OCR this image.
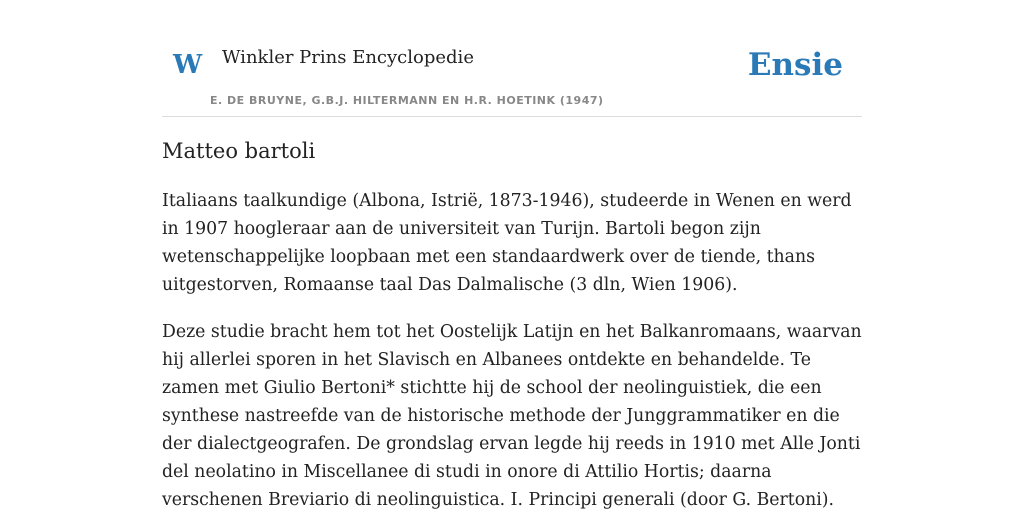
W Winkler Prins Encyclopedie
E. DE BRUYNE, G.B.J. HILTERMANN EN H.R. HOETINK (1947)
Ensie
Matteo bartoli

Italiaans taalkundige (Albona, Istrië, 1873-1946), studeerde in Wenen en werd in 1907 hoogleraar aan de universiteit van Turijn. Bartoli begon zijn wetenschappelijke loopbaan met een standaardwerk over de tiende, thans uitgestorven, Romaanse taal Das Dalmalische (3 dln, Wien 1906).

Deze studie bracht hem tot het Oostelijk Latijn en het Balkanromaans, waarvan hij allerlei sporen in het Slavisch en Albanees ontdekte en behandelde. Te zamen met Giulio Bertoni* stichtte hij de school der neolinguistiek, die een synthese nastreefde van de historische methode der Junggrammatiker en die der dialectgeografen. De grondslag ervan legde hij reeds in 1910 met Alle Jonti del neolatino in Miscellanee di studi in onore di Attilio Hortis; daarna verschenen Breviario di neolinguistica. I. Principi generali (door G. Bertoni).
